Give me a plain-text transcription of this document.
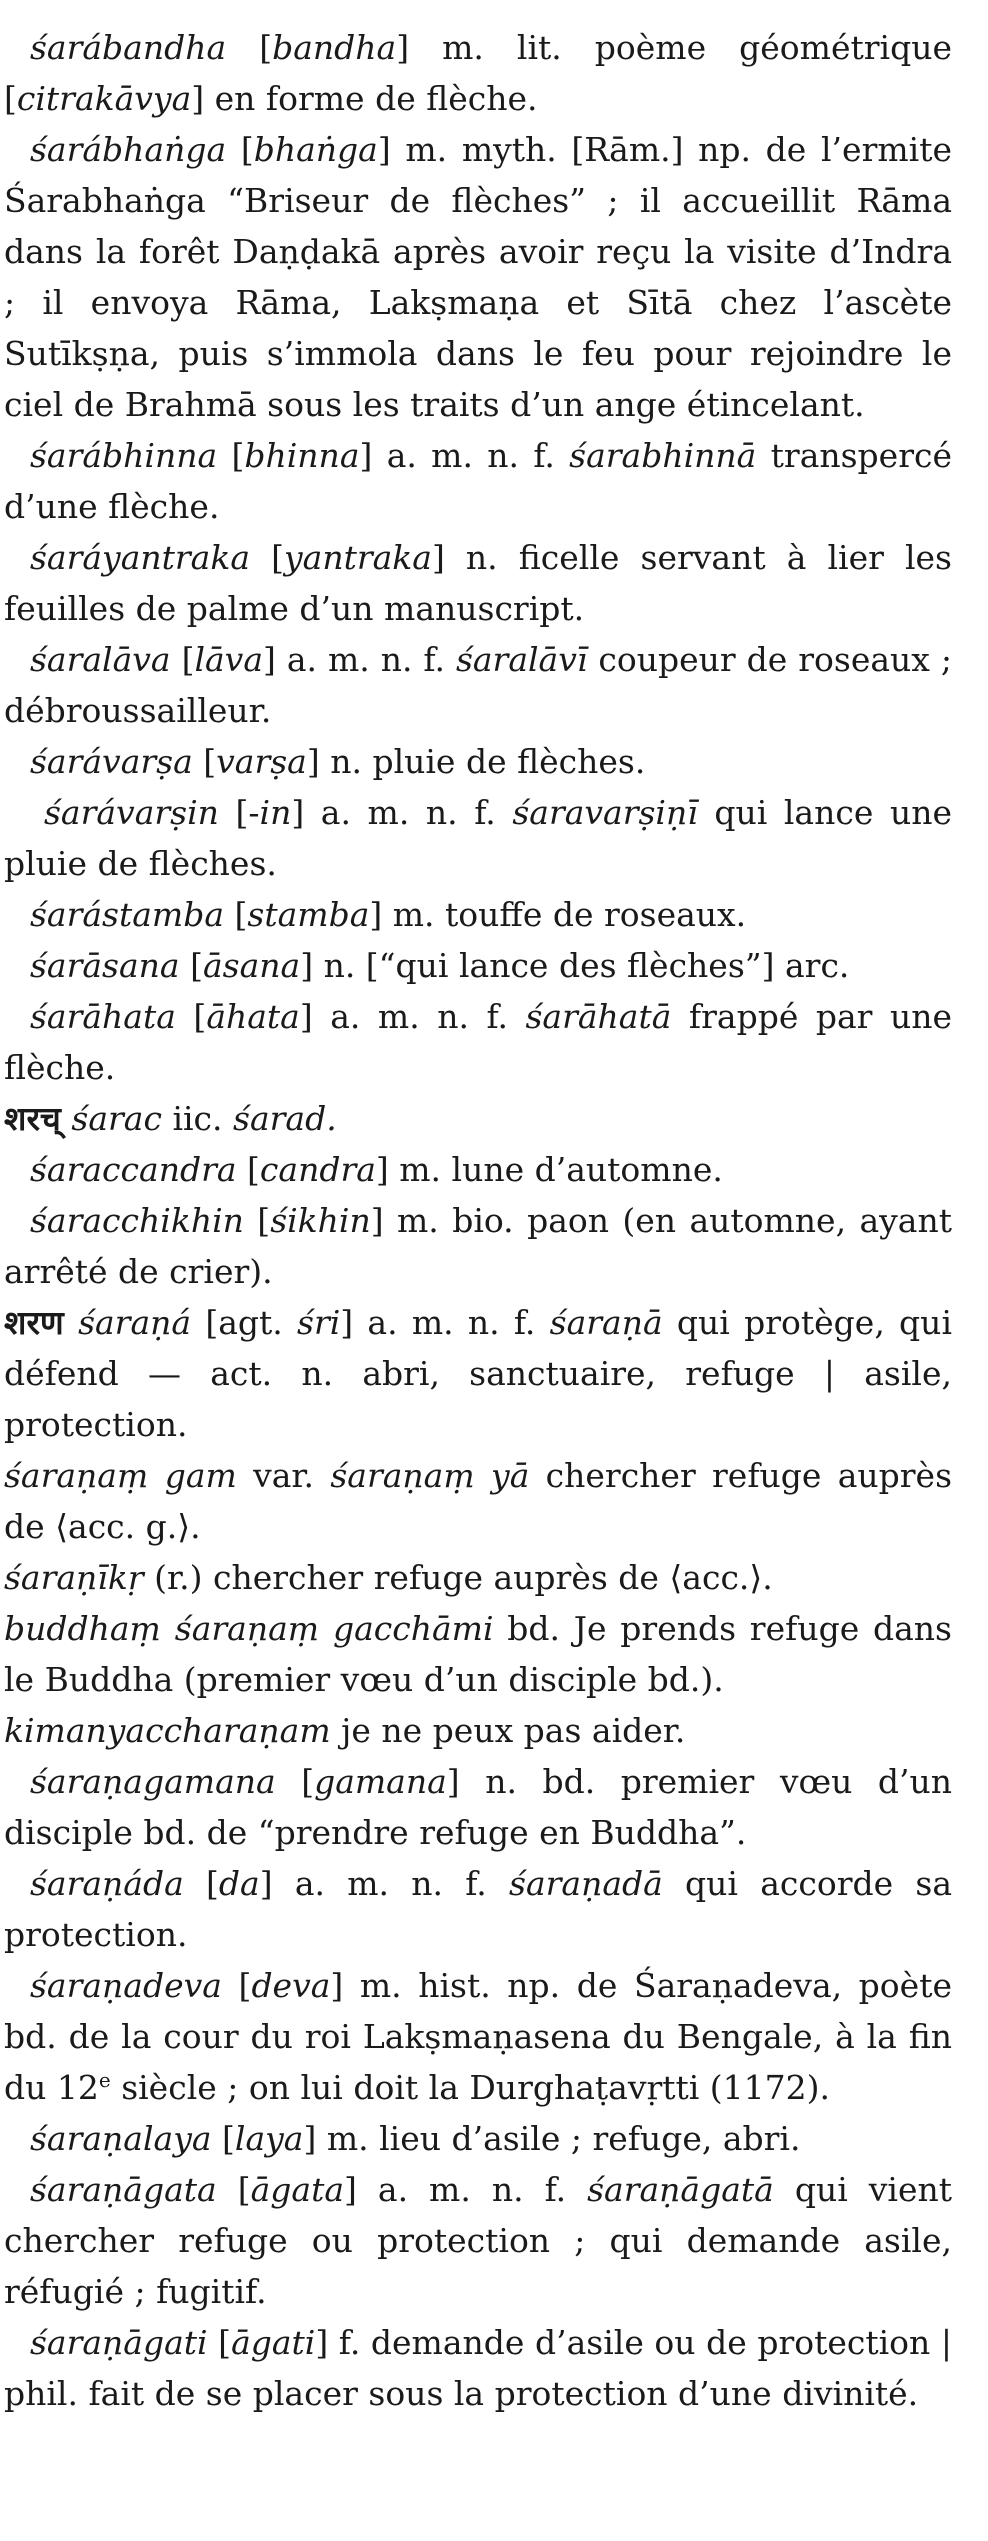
śarábandha [bandha] m. lit. poème géométrique [citrakāvya] en forme de flèche.

śarábhaṅga [bhaṅga] m. myth. [Rām.] np. de l’ermite Śarabhaṅga “Briseur de flèches” ; il accueillit Rāma dans la forêt Daṇḍakā après avoir reçu la visite d’Indra ; il envoya Rāma, Lakṣmaṇa et Sītā chez l’ascète Sutīkṣṇa, puis s’immola dans le feu pour rejoindre le ciel de Brahmā sous les traits d’un ange étincelant.

śarábhinna [bhinna] a. m. n. f. śarabhinnā transpercé d’une flèche.

śaráyantraka [yantraka] n. ficelle servant à lier les feuilles de palme d’un manuscript.

śaralāva [lāva] a. m. n. f. śaralāvī coupeur de roseaux ; débroussailleur.

śarávarṣa [varṣa] n. pluie de flèches.

śarávarṣin [-in] a. m. n. f. śaravarṣiṇī qui lance une pluie de flèches.

śarástamba [stamba] m. touffe de roseaux.

śarāsana [āsana] n. [“qui lance des flèches”] arc.

śarāhata [āhata] a. m. n. f. śarāhatā frappé par une flèche.

शरच् śarac iic. śarad.

śaraccandra [candra] m. lune d’automne.

śaracchikhin [śikhin] m. bio. paon (en automne, ayant arrêté de crier).

शरण śaraṇá [agt. śri] a. m. n. f. śaraṇā qui protège, qui défend — act. n. abri, sanctuaire, refuge | asile, protection.

śaraṇaṃ gam var. śaraṇaṃ yā chercher refuge auprès de ⟨acc. g.⟩.

śaraṇīkṛ (r.) chercher refuge auprès de ⟨acc.⟩.

buddhaṃ śaraṇaṃ gacchāmi bd. Je prends refuge dans le Buddha (premier vœu d’un disciple bd.).

kimanyaccharaṇam je ne peux pas aider.

śaraṇagamana [gamana] n. bd. premier vœu d’un disciple bd. de “prendre refuge en Buddha”.

śaraṇáda [da] a. m. n. f. śaraṇadā qui accorde sa protection.

śaraṇadeva [deva] m. hist. np. de Śaraṇadeva, poète bd. de la cour du roi Lakṣmaṇasena du Bengale, à la fin du 12e siècle ; on lui doit la Durghaṭavṛtti (1172).

śaraṇalaya [laya] m. lieu d’asile ; refuge, abri.

śaraṇāgata [āgata] a. m. n. f. śaraṇāgatā qui vient chercher refuge ou protection ; qui demande asile, réfugié ; fugitif.

śaraṇāgati [āgati] f. demande d’asile ou de protection | phil. fait de se placer sous la protection d’une divinité.
